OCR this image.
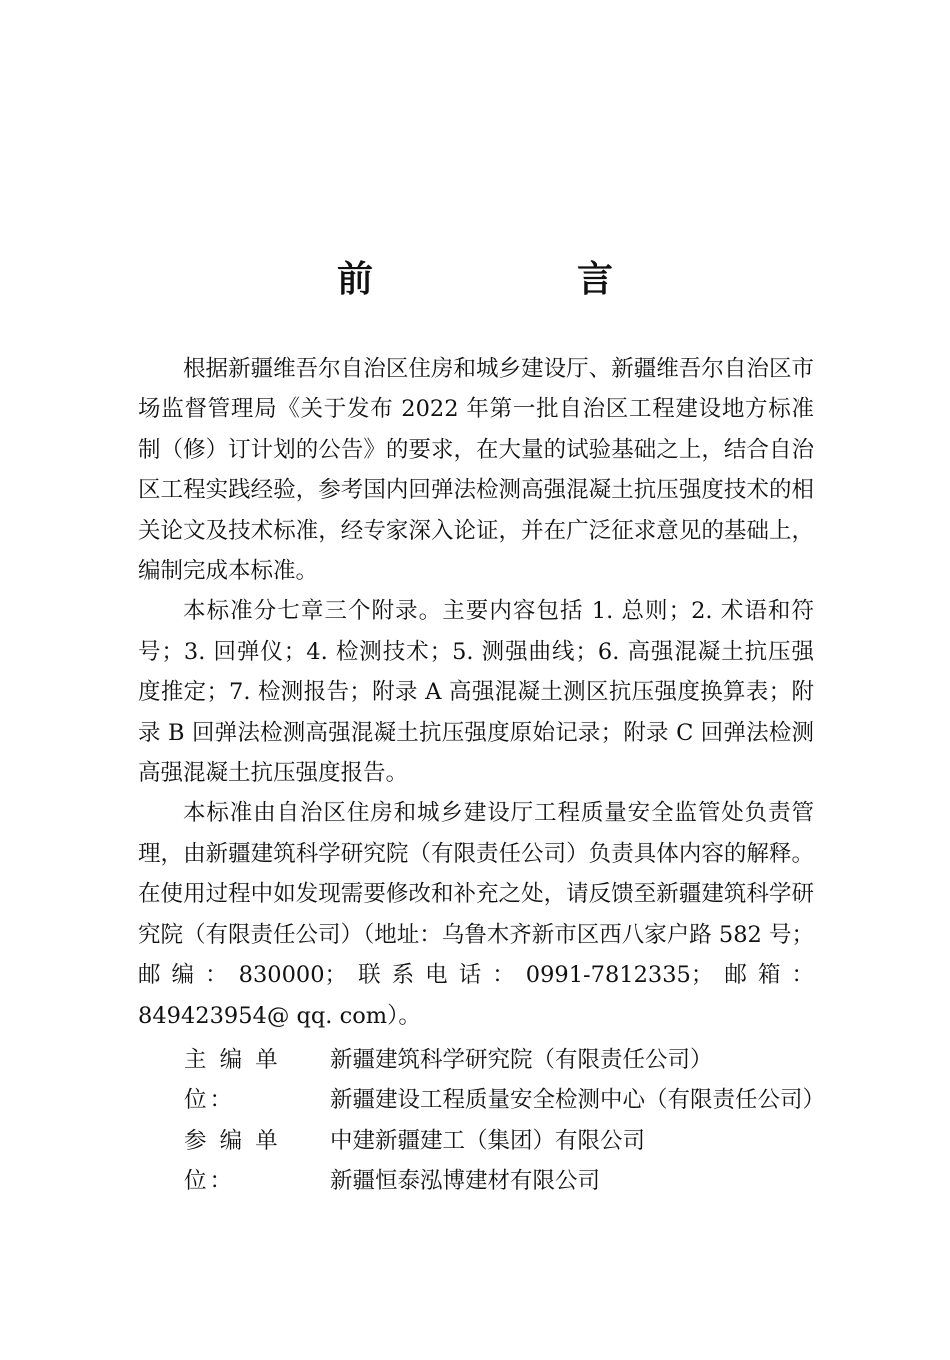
前　言

根据新疆维吾尔自治区住房和城乡建设厅、新疆维吾尔自治区市场监督管理局《关于发布 2022 年第一批自治区工程建设地方标准制（修）订计划的公告》的要求，在大量的试验基础之上，结合自治区工程实践经验，参考国内回弹法检测高强混凝土抗压强度技术的相关论文及技术标准，经专家深入论证，并在广泛征求意见的基础上，编制完成本标准。

本标准分七章三个附录。主要内容包括 1. 总则；2. 术语和符号；3. 回弹仪；4. 检测技术；5. 测强曲线；6. 高强混凝土抗压强度推定；7. 检测报告；附录 A 高强混凝土测区抗压强度换算表；附录 B 回弹法检测高强混凝土抗压强度原始记录；附录 C 回弹法检测高强混凝土抗压强度报告。

本标准由自治区住房和城乡建设厅工程质量安全监管处负责管理，由新疆建筑科学研究院（有限责任公司）负责具体内容的解释。在使用过程中如发现需要修改和补充之处，请反馈至新疆建筑科学研究院（有限责任公司）（地址：乌鲁木齐新市区西八家户路 582 号；邮编：830000；联系电话：0991-7812335；邮箱：849423954@ qq. com）。

主 编 单 位：
新疆建筑科学研究院（有限责任公司）
新疆建设工程质量安全检测中心（有限责任公司）
参 编 单 位：
中建新疆建工（集团）有限公司
新疆恒泰泓博建材有限公司
